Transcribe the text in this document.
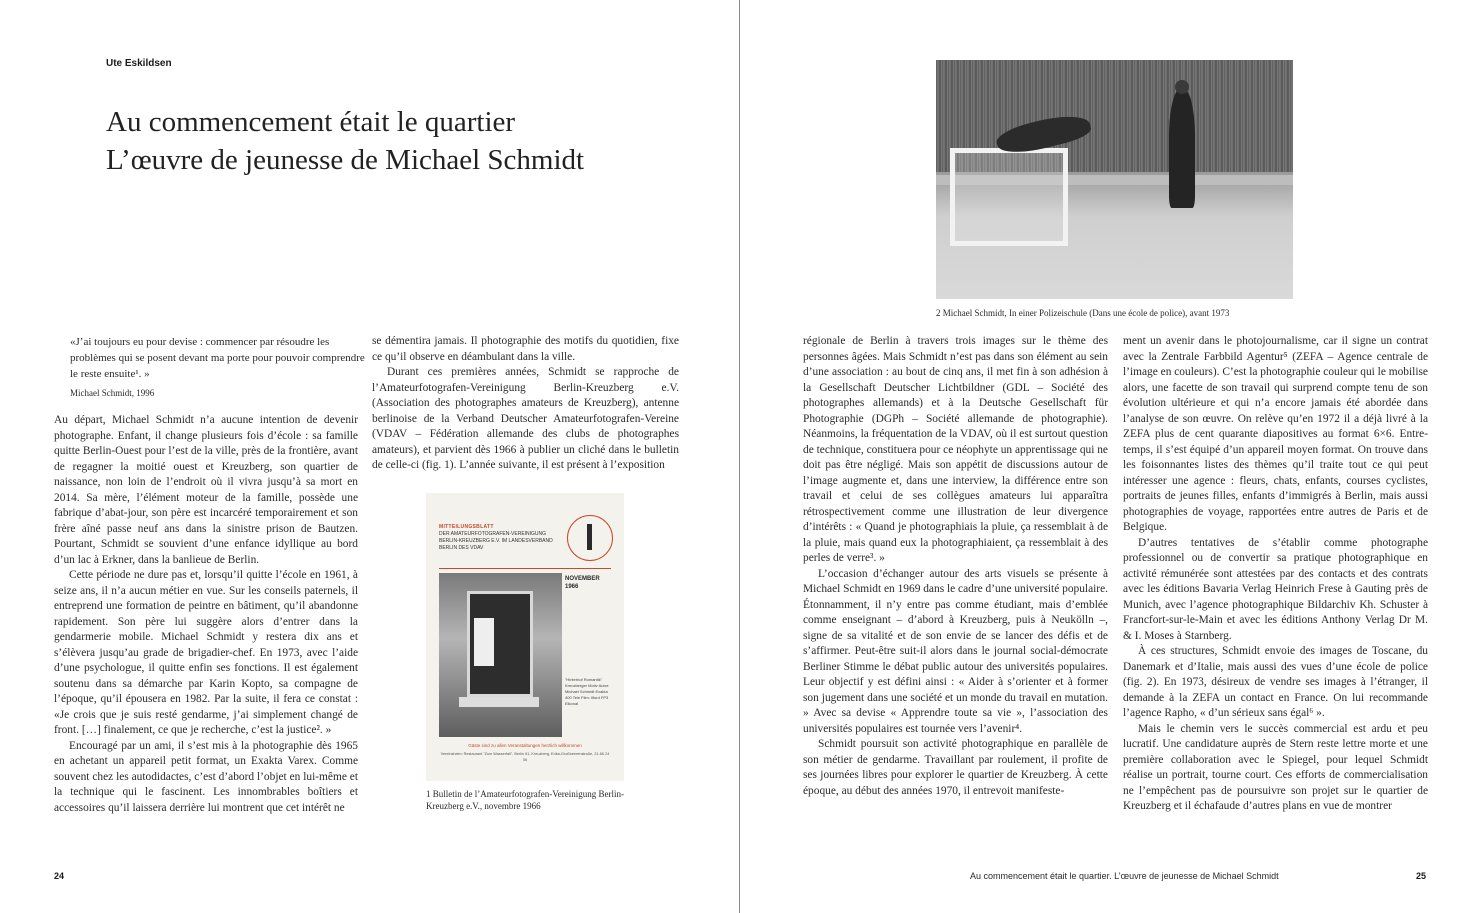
Ute Eskildsen
Au commencement était le quartier
L’œuvre de jeunesse de Michael Schmidt
«J’ai toujours eu pour devise : commencer par résoudre les problèmes qui se posent devant ma porte pour pouvoir comprendre le reste ensuite¹. »
Michael Schmidt, 1996

Au départ, Michael Schmidt n’a aucune intention de devenir photographe. Enfant, il change plusieurs fois d’école : sa famille quitte Berlin-Ouest pour l’est de la ville, près de la frontière, avant de regagner la moitié ouest et Kreuzberg, son quartier de naissance, non loin de l’endroit où il vivra jusqu’à sa mort en 2014. Sa mère, l’élément moteur de la famille, possède une fabrique d’abat-jour, son père est incarcéré temporairement et son frère aîné passe neuf ans dans la sinistre prison de Bautzen. Pourtant, Schmidt se souvient d’une enfance idyllique au bord d’un lac à Erkner, dans la banlieue de Berlin.

Cette période ne dure pas et, lorsqu’il quitte l’école en 1961, à seize ans, il n’a aucun métier en vue. Sur les conseils paternels, il entreprend une formation de peintre en bâtiment, qu’il abandonne rapidement. Son père lui suggère alors d’entrer dans la gendarmerie mobile. Michael Schmidt y restera dix ans et s’élèvera jusqu’au grade de brigadier-chef. En 1973, avec l’aide d’une psychologue, il quitte enfin ses fonctions. Il est également soutenu dans sa démarche par Karin Kopto, sa compagne de l’époque, qu’il épousera en 1982. Par la suite, il fera ce constat : «Je crois que je suis resté gendarme, j’ai simplement changé de front. […] finalement, ce que je recherche, c’est la justice². »

Encouragé par un ami, il s’est mis à la photographie dès 1965 en achetant un appareil petit format, un Exakta Varex. Comme souvent chez les autodidactes, c’est d’abord l’objet en lui-même et la technique qui le fascinent. Les innombrables boîtiers et accessoires qu’il laissera derrière lui montrent que cet intérêt ne

se démentira jamais. Il photographie des motifs du quotidien, fixe ce qu’il observe en déambulant dans la ville.

Durant ces premières années, Schmidt se rapproche de l’Amateurfotografen-Vereinigung Berlin-Kreuzberg e.V. (Association des photographes amateurs de Kreuzberg), antenne berlinoise de la Verband Deutscher Amateurfotografen-Vereine (VDAV – Fédération allemande des clubs de photographes amateurs), et parvient dès 1966 à publier un cliché dans le bulletin de celle-ci (fig. 1). L’année suivante, il est présent à l’exposition

MITTEILUNGSBLATT
DER AMATEURFOTOGRAFEN-VEREINIGUNG BERLIN-KREUZBERG E.V. IM LANDESVERBAND BERLIN DES VDAV
NOVEMBER
1966
"Hinterhof Romantik" Kreuzberger Motiv Autor: Michael Schmidt Exakta 400 Tele Film: Ilford FP3 Elkonal
Gäste sind zu allen Veranstaltungen herzlich willkommen
Vereinsheim: Restaurant "Zum Wasserfall", Berlin 61, Kreuzberg, Erika-Großbeerenstraße, 21-66 24 06
1 Bulletin de l’Amateurfotografen-Vereinigung Berlin-Kreuzberg e.V., novembre 1966
24
2 Michael Schmidt, In einer Polizeischule (Dans une école de police), avant 1973

régionale de Berlin à travers trois images sur le thème des personnes âgées. Mais Schmidt n’est pas dans son élément au sein d’une association : au bout de cinq ans, il met fin à son adhésion à la Gesellschaft Deutscher Lichtbildner (GDL – Société des photographes allemands) et à la Deutsche Gesellschaft für Photographie (DGPh – Société allemande de photographie). Néanmoins, la fréquentation de la VDAV, où il est surtout question de technique, constituera pour ce néophyte un apprentissage qui ne doit pas être négligé. Mais son appétit de discussions autour de l’image augmente et, dans une interview, la différence entre son travail et celui de ses collègues amateurs lui apparaîtra rétrospectivement comme une illustration de leur divergence d’intérêts : « Quand je photographiais la pluie, ça ressemblait à de la pluie, mais quand eux la photographiaient, ça ressemblait à des perles de verre³. »

L’occasion d’échanger autour des arts visuels se présente à Michael Schmidt en 1969 dans le cadre d’une université populaire. Étonnamment, il n’y entre pas comme étudiant, mais d’emblée comme enseignant – d’abord à Kreuzberg, puis à Neukölln –, signe de sa vitalité et de son envie de se lancer des défis et de s’affirmer. Peut-être suit-il alors dans le journal social-démocrate Berliner Stimme le débat public autour des universités populaires. Leur objectif y est défini ainsi : « Aider à s’orienter et à former son jugement dans une société et un monde du travail en mutation. » Avec sa devise « Apprendre toute sa vie », l’association des universités populaires est tournée vers l’avenir⁴.

Schmidt poursuit son activité photographique en parallèle de son métier de gendarme. Travaillant par roulement, il profite de ses journées libres pour explorer le quartier de Kreuzberg. À cette époque, au début des années 1970, il entrevoit manifeste-

ment un avenir dans le photojournalisme, car il signe un contrat avec la Zentrale Farbbild Agentur⁵ (ZEFA – Agence centrale de l’image en couleurs). C’est la photographie couleur qui le mobilise alors, une facette de son travail qui surprend compte tenu de son évolution ultérieure et qui n’a encore jamais été abordée dans l’analyse de son œuvre. On relève qu’en 1972 il a déjà livré à la ZEFA plus de cent quarante diapositives au format 6×6. Entre-temps, il s’est équipé d’un appareil moyen format. On trouve dans les foisonnantes listes des thèmes qu’il traite tout ce qui peut intéresser une agence : fleurs, chats, enfants, courses cyclistes, portraits de jeunes filles, enfants d’immigrés à Berlin, mais aussi photographies de voyage, rapportées entre autres de Paris et de Belgique.

D’autres tentatives de s’établir comme photographe professionnel ou de convertir sa pratique photographique en activité rémunérée sont attestées par des contacts et des contrats avec les éditions Bavaria Verlag Heinrich Frese à Gauting près de Munich, avec l’agence photographique Bildarchiv Kh. Schuster à Francfort-sur-le-Main et avec les éditions Anthony Verlag Dr M. & I. Moses à Starnberg.

À ces structures, Schmidt envoie des images de Toscane, du Danemark et d’Italie, mais aussi des vues d’une école de police (fig. 2). En 1973, désireux de vendre ses images à l’étranger, il demande à la ZEFA un contact en France. On lui recommande l’agence Rapho, « d’un sérieux sans égal⁶ ».

Mais le chemin vers le succès commercial est ardu et peu lucratif. Une candidature auprès de Stern reste lettre morte et une première collaboration avec le Spiegel, pour lequel Schmidt réalise un portrait, tourne court. Ces efforts de commercialisation ne l’empêchent pas de poursuivre son projet sur le quartier de Kreuzberg et il échafaude d’autres plans en vue de montrer

Au commencement était le quartier. L’œuvre de jeunesse de Michael Schmidt	25
